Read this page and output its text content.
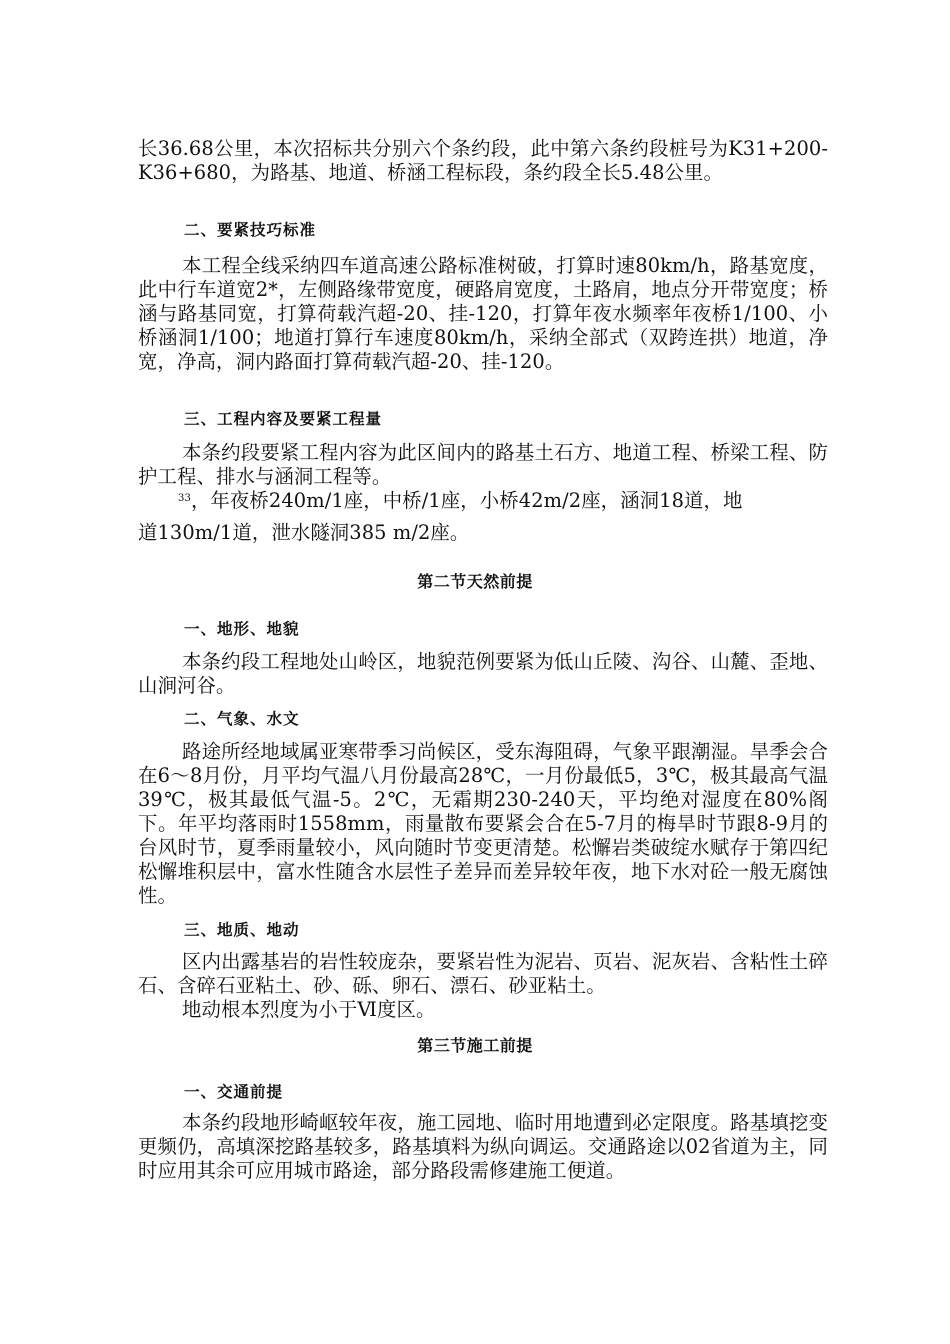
长36.68公里，本次招标共分别六个条约段，此中第六条约段桩号为K31+200-K36+680，为路基、地道、桥涵工程标段，条约段全长5.48公里。

二、要紧技巧标准

本工程全线采纳四车道高速公路标准树破，打算时速80km/h，路基宽度，此中行车道宽2*，左侧路缘带宽度，硬路肩宽度，土路肩，地点分开带宽度；桥涵与路基同宽，打算荷载汽超-20、挂-120，打算年夜水频率年夜桥1/100、小桥涵洞1/100；地道打算行车速度80km/h，采纳全部式（双跨连拱）地道，净宽，净高，洞内路面打算荷载汽超-20、挂-120。

三、工程内容及要紧工程量

本条约段要紧工程内容为此区间内的路基土石方、地道工程、桥梁工程、防护工程、排水与涵洞工程等。

$^{33}$，年夜桥240m/1座，中桥/1座，小桥42m/2座，涵洞18道，地

道130m/1道，泄水隧洞385 m/2座。

第二节天然前提
一、地形、地貌

本条约段工程地处山岭区，地貌范例要紧为低山丘陵、沟谷、山麓、歪地、山涧河谷。

二、气象、水文

路途所经地域属亚寒带季习尚候区，受东海阻碍，气象平跟潮湿。旱季会合在6～8月份，月平均气温八月份最高28℃，一月份最低5，3℃，极其最高气温39℃，极其最低气温-5。2℃，无霜期230-240天，平均绝对湿度在80%阁下。年平均落雨时1558mm，雨量散布要紧会合在5-7月的梅旱时节跟8-9月的台风时节，夏季雨量较小，风向随时节变更清楚。松懈岩类破绽水赋存于第四纪松懈堆积层中，富水性随含水层性子差异而差异较年夜，地下水对砼一般无腐蚀性。

三、地质、地动

区内出露基岩的岩性较庞杂，要紧岩性为泥岩、页岩、泥灰岩、含粘性土碎石、含碎石亚粘土、砂、砾、卵石、漂石、砂亚粘土。

地动根本烈度为小于Ⅵ度区。

第三节施工前提
一、交通前提

本条约段地形崎岖较年夜，施工园地、临时用地遭到必定限度。路基填挖变更频仍，高填深挖路基较多，路基填料为纵向调运。交通路途以02省道为主，同时应用其余可应用城市路途，部分路段需修建施工便道。
